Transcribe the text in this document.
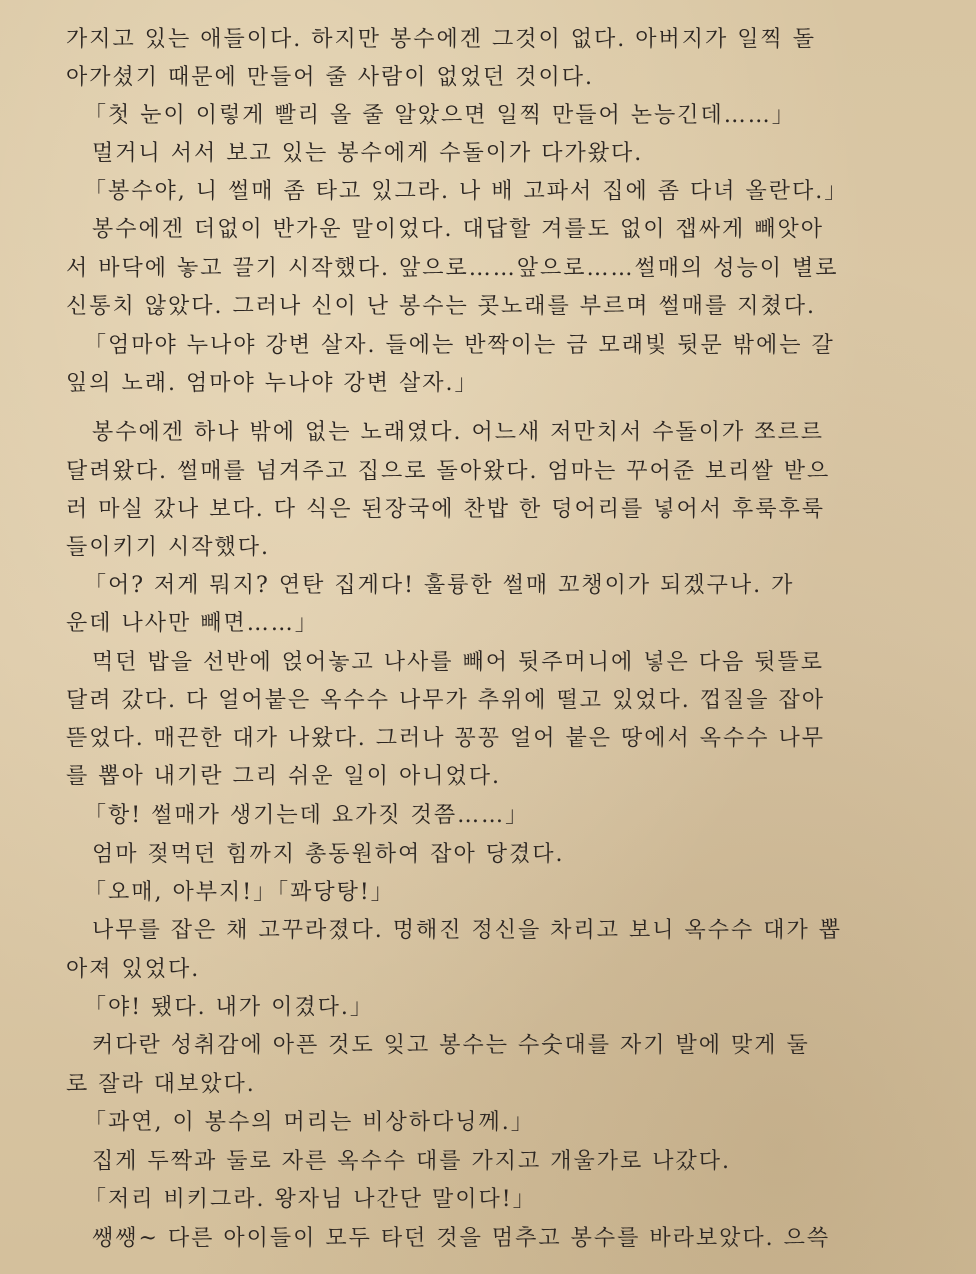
가지고 있는 애들이다. 하지만 봉수에겐 그것이 없다. 아버지가 일찍 돌
아가셨기 때문에 만들어 줄 사람이 없었던 것이다.
「첫 눈이 이렇게 빨리 올 줄 알았으면 일찍 만들어 논능긴데……」
멀거니 서서 보고 있는 봉수에게 수돌이가 다가왔다.
「봉수야, 니 썰매 좀 타고 있그라. 나 배 고파서 집에 좀 다녀 올란다.」
봉수에겐 더없이 반가운 말이었다. 대답할 겨를도 없이 잽싸게 빼앗아
서 바닥에 놓고 끌기 시작했다. 앞으로……앞으로……썰매의 성능이 별로
신통치 않았다. 그러나 신이 난 봉수는 콧노래를 부르며 썰매를 지쳤다.
「엄마야 누나야 강변 살자. 들에는 반짝이는 금 모래빛 뒷문 밖에는 갈
잎의 노래. 엄마야 누나야 강변 살자.」
봉수에겐 하나 밖에 없는 노래였다. 어느새 저만치서 수돌이가 쪼르르
달려왔다. 썰매를 넘겨주고 집으로 돌아왔다. 엄마는 꾸어준 보리쌀 받으
러 마실 갔나 보다. 다 식은 된장국에 찬밥 한 덩어리를 넣어서 후룩후룩
들이키기 시작했다.
「어? 저게 뭐지? 연탄 집게다! 훌륭한 썰매 꼬챙이가 되겠구나. 가
운데 나사만 빼면……」
먹던 밥을 선반에 얹어놓고 나사를 빼어 뒷주머니에 넣은 다음 뒷뜰로
달려 갔다. 다 얼어붙은 옥수수 나무가 추위에 떨고 있었다. 껍질을 잡아
뜯었다. 매끈한 대가 나왔다. 그러나 꽁꽁 얼어 붙은 땅에서 옥수수 나무
를 뽑아 내기란 그리 쉬운 일이 아니었다.
「항! 썰매가 생기는데 요가짓 것쯤……」
엄마 젖먹던 힘까지 총동원하여 잡아 당겼다.
「오매, 아부지!」「꽈당탕!」
나무를 잡은 채 고꾸라졌다. 멍해진 정신을 차리고 보니 옥수수 대가 뽑
아져 있었다.
「야! 됐다. 내가 이겼다.」
커다란 성취감에 아픈 것도 잊고 봉수는 수숫대를 자기 발에 맞게 둘
로 잘라 대보았다.
「과연, 이 봉수의 머리는 비상하다닝께.」
집게 두짝과 둘로 자른 옥수수 대를 가지고 개울가로 나갔다.
「저리 비키그라. 왕자님 나간단 말이다!」
쌩쌩~ 다른 아이들이 모두 타던 것을 멈추고 봉수를 바라보았다. 으쓱
